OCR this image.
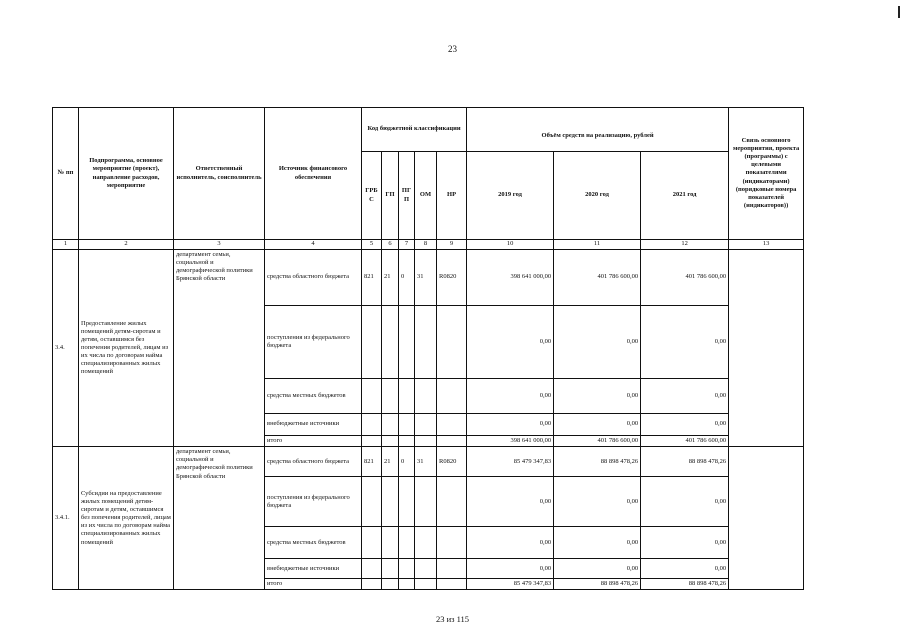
23
№ пп	Подпрограмма, основное мероприятие (проект), направление расходов, мероприятие	Ответственный исполнитель, соисполнитель	Источник финансового обеспечения	Код бюджетной классификации					Объём средств на реализацию, рублей			Связь основного мероприятия, проекта (программы) с целевыми показателями (индикаторами) (порядковые номера показателей (индикаторов))
				ГРБ С	ГП	ПГ П	ОМ	НР	2019 год	2020 год	2021 год	
1	2	3	4	5	6	7	8	9	10	11	12	13
3.4.	Предоставление жилых помещений детям-сиротам и детям, оставшимся без попечения родителей, лицам из их числа по договорам найма специализированных жилых помещений	департамент семьи, социальной и демографической политики Брянской области	средства областного бюджета	821	21	0	31	R0820	398 641 000,00	401 786 600,00	401 786 600,00	
			поступления из федерального бюджета						0,00	0,00	0,00	
			средства местных бюджетов						0,00	0,00	0,00	
			внебюджетные источники						0,00	0,00	0,00	
			итого						398 641 000,00	401 786 600,00	401 786 600,00	
3.4.1.	Субсидии на предоставление жилых помещений детям-сиротам и детям, оставшимся без попечения родителей, лицам из их числа по договорам найма специализированных жилых помещений	департамент семьи, социальной и демографической политики Брянской области	средства областного бюджета	821	21	0	31	R0820	85 479 347,83	88 898 478,26	88 898 478,26	
			поступления из федерального бюджета						0,00	0,00	0,00	
			средства местных бюджетов						0,00	0,00	0,00	
			внебюджетные источники						0,00	0,00	0,00	
			итого						85 479 347,83	88 898 478,26	88 898 478,26	
23 из 115
